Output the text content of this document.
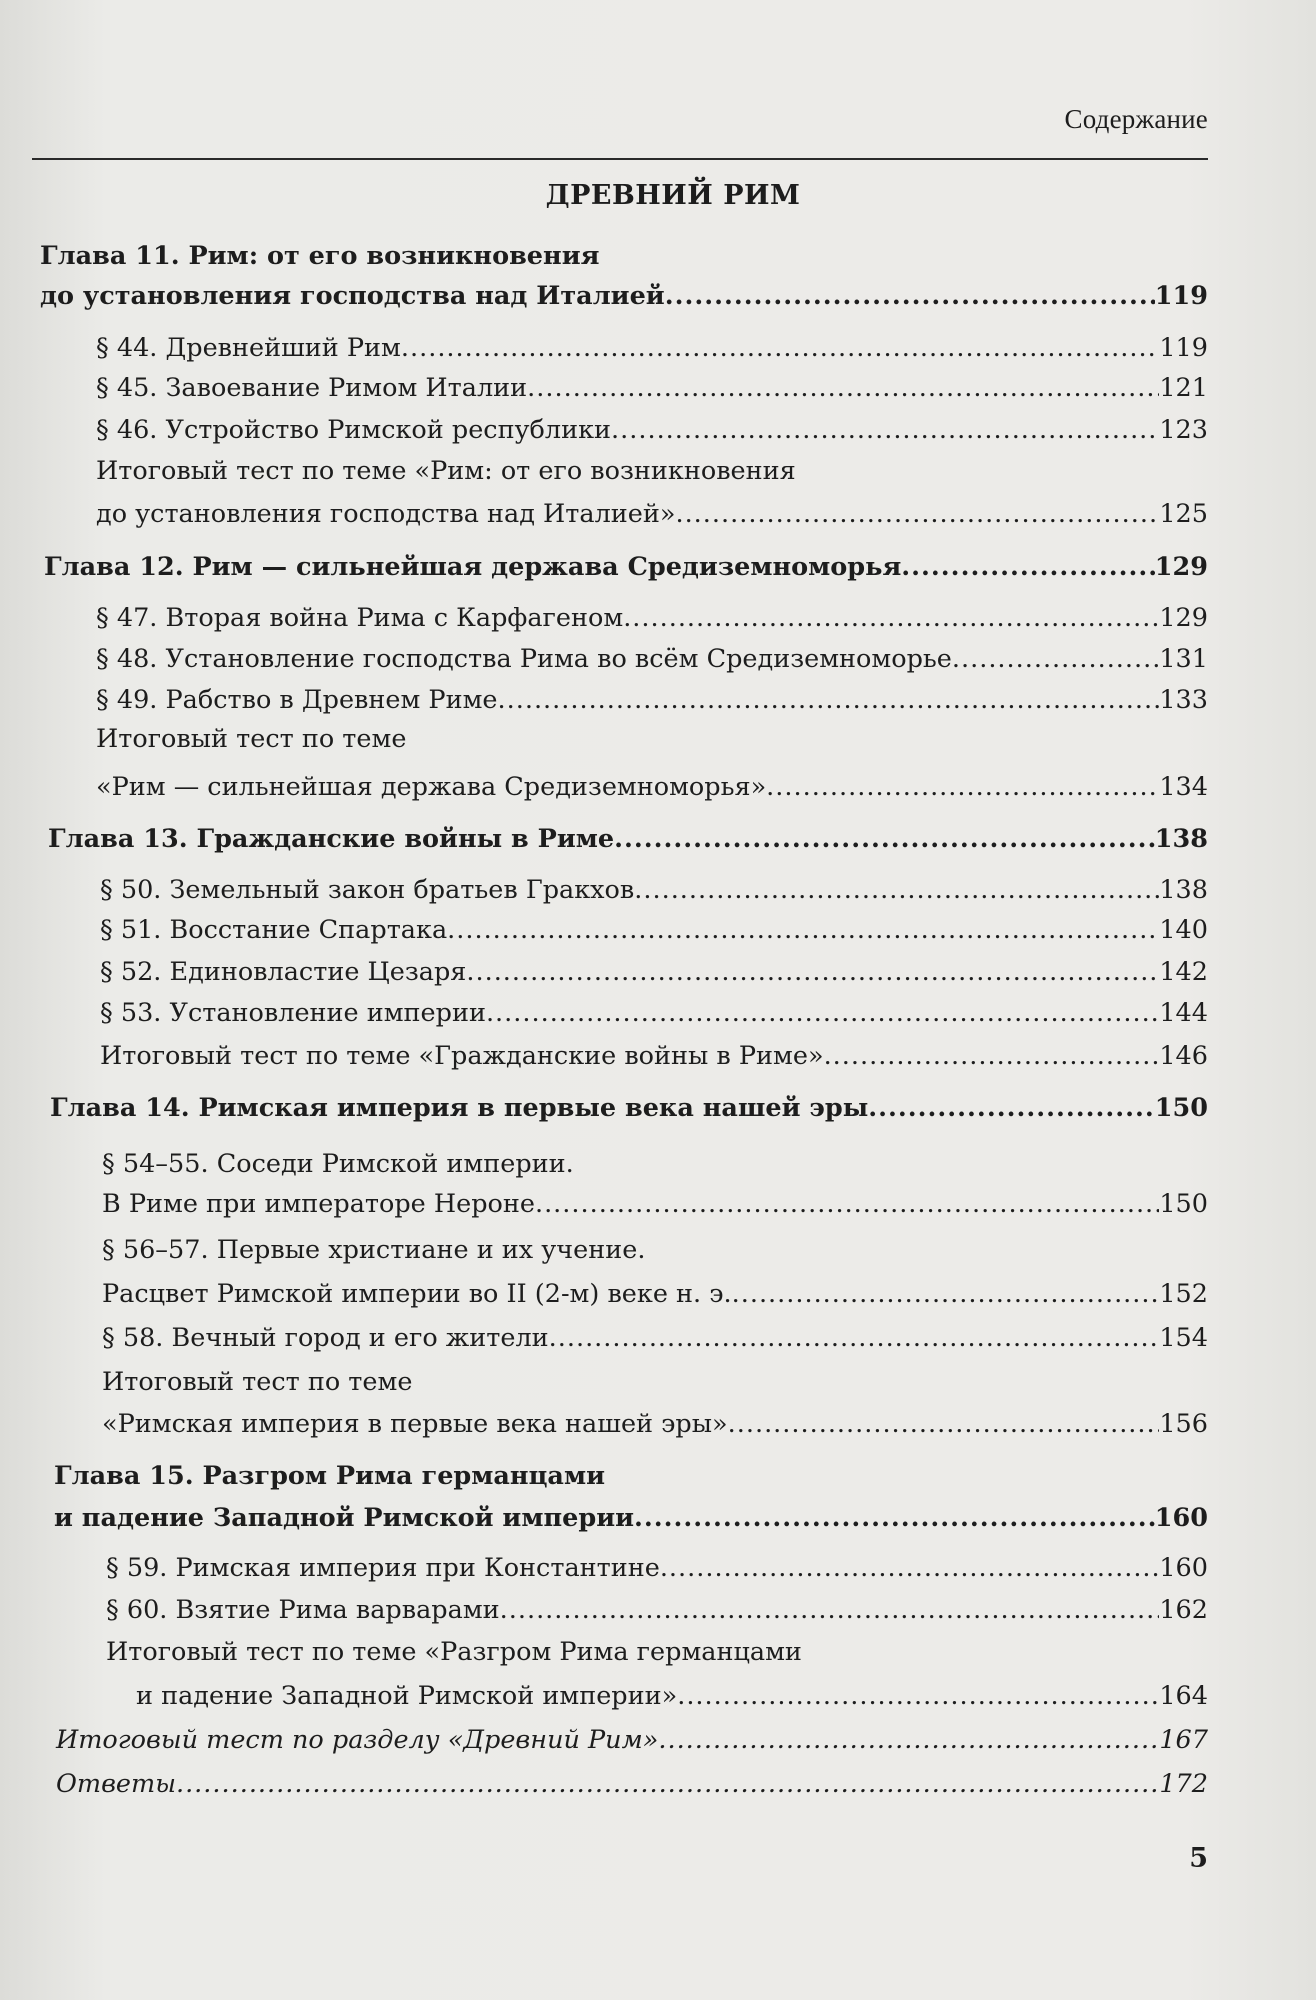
Содержание
ДРЕВНИЙ РИМ
Глава 11. Рим: от его возникновения
до установления господства над Италией .....	119
§ 44. Древнейший Рим .....	119
§ 45. Завоевание Римом Италии .....	121
§ 46. Устройство Римской республики .....	123
Итоговый тест по теме «Рим: от его возникновения
до установления господства над Италией» .....	125
Глава 12. Рим — сильнейшая держава Средиземноморья .....	129
§ 47. Вторая война Рима с Карфагеном .....	129
§ 48. Установление господства Рима во всём Средиземноморье .....	131
§ 49. Рабство в Древнем Риме .....	133
Итоговый тест по теме
«Рим — сильнейшая держава Средиземноморья» .....	134
Глава 13. Гражданские войны в Риме .....	138
§ 50. Земельный закон братьев Гракхов .....	138
§ 51. Восстание Спартака .....	140
§ 52. Единовластие Цезаря .....	142
§ 53. Установление империи .....	144
Итоговый тест по теме «Гражданские войны в Риме» .....	146
Глава 14. Римская империя в первые века нашей эры .....	150
§ 54–55. Соседи Римской империи.
В Риме при императоре Нероне .....	150
§ 56–57. Первые христиане и их учение.
Расцвет Римской империи во II (2-м) веке н. э. .....	152
§ 58. Вечный город и его жители .....	154
Итоговый тест по теме
«Римская империя в первые века нашей эры» .....	156
Глава 15. Разгром Рима германцами
и падение Западной Римской империи .....	160
§ 59. Римская империя при Константине .....	160
§ 60. Взятие Рима варварами .....	162
Итоговый тест по теме «Разгром Рима германцами
и падение Западной Римской империи» .....	164
Итоговый тест по разделу «Древний Рим» .....	167
Ответы .....	172
5
